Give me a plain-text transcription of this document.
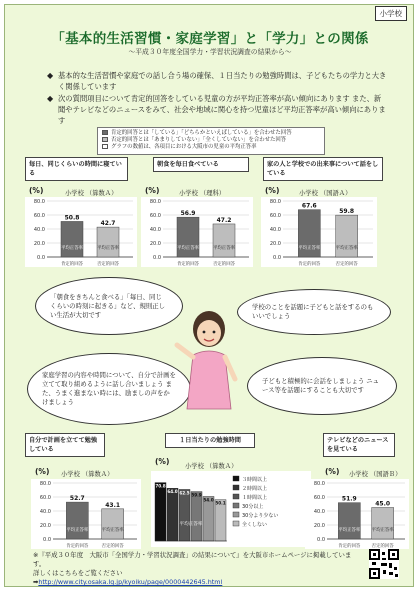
小学校
「基本的生活習慣・家庭学習」と「学力」との関係
～平成３０年度全国学力・学習状況調査の結果から～
◆ 基本的な生活習慣や家庭での話し合う場の確保、１日当たりの勉強時間は、子どもたちの学力と大きく関係しています
◆ 次の質問項目について肯定的回答をしている児童の方が平均正答率が高い傾向にあります また、新聞やテレビなどのニュースをみて、社会や地域に関心を持つ児童ほど平均正答率が高い傾向にあります
肯定的回答とは「している」「どちらかといえばしている」を合わせた回答
否定的回答とは「あまりしていない」「全くしていない」を合わせた回答
グラフの数値は、各項目における大阪市の児童の平均正答率
毎日、同じくらいの時間に寝ている
朝食を毎日食べている	家の人と学校での出来事について話をしている
(%)	小学校 （算数Ａ）
80.0
60.0
40.0
20.0
0.0
50.8
肯定的回答
平均正答率
42.7
否定的回答
平均正答率
(%)	小学校 （理科）
80.0
60.0
40.0
20.0
0.0
56.9
肯定的回答
平均正答率
47.2
否定的回答
平均正答率
(%)	小学校 （国語Ａ）
80.0
60.0
40.0
20.0
0.0
67.6
肯定的回答
平均正答率
59.8
否定的回答
平均正答率
「朝食をきちんと食べる」「毎日、同じくらいの時刻に起きる」など、規則正しい生活が大切です
学校のことを話題に子どもと話をするのもいいでしょう
家庭学習の内容や時間について、自分で計画を立てて取り組めるように話し合いましょう また、うまく進まない時には、励ましの声をかけましょう
子どもと積極的に会話をしましょう ニュース等を話題にすることも大切です
自分で計画を立てて勉強している
１日当たりの勉強時間	テレビなどのニュースを見ている
(%) 小学校 （算数Ａ）
80.0
60.0
40.0
20.0
0.0
52.7
肯定的回答
平均正答率
43.1
否定的回答
平均正答率
(%)
小学校 （算数Ａ）
70.8
64.0 62.5 59.9
54.0
50.1
平均正答率
３時間以上
２時間以上
１時間以上
30分以上
30分より少ない
全くしない
(%) 小学校 （国語Ｂ）
80.0
60.0
40.0
20.0
0.0
51.9
肯定的回答
平均正答率
45.0
否定的回答
平均正答率
※『平成３０年度　大阪市「全国学力・学習状況調査」の結果について』を大阪市ホームページに掲載しています。
詳しくはこちらをご覧ください
➡http://www.city.osaka.lg.jp/kyoiku/page/0000442645.html
